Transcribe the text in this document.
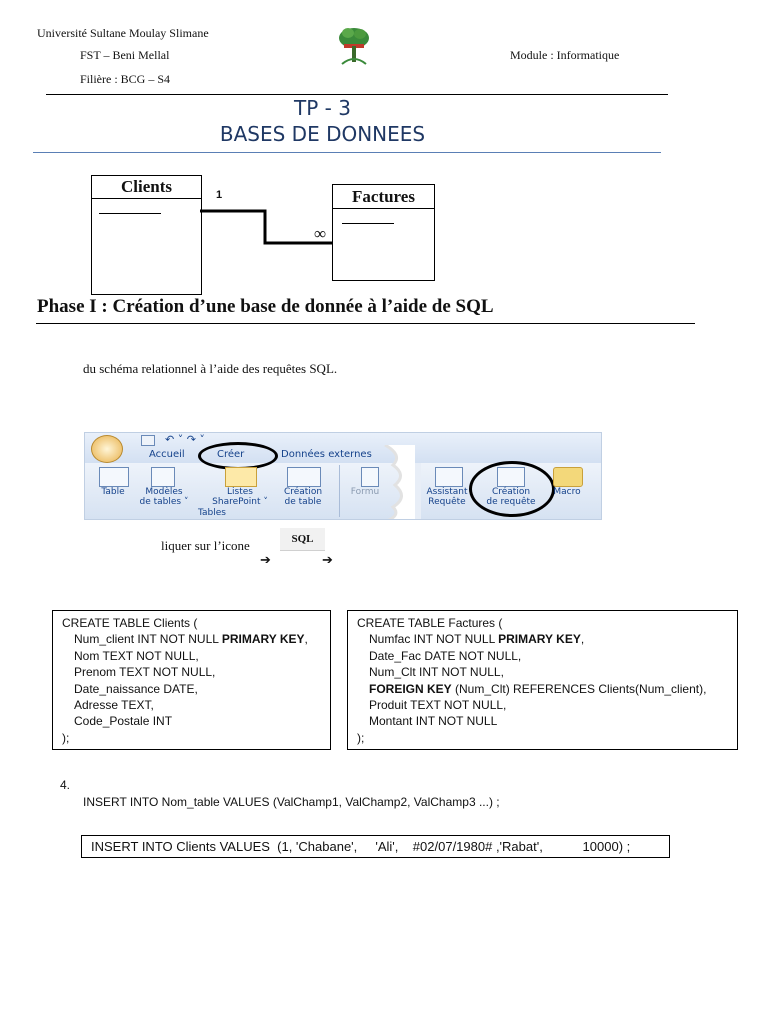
Université Sultane Moulay Slimane
FST – Beni Mellal
Filière : BCG – S4
Module : Informatique
TP - 3
BASES DE DONNEES
Clients
Factures
1
∞
Phase I : Création d’une base de donnée à l’aide de SQL
du schéma relationnel à l’aide des requêtes SQL.
↶ ˅ ↷ ˅
Accueil	Créer	Données externes
Table	Modèles
de tables ˅
Listes
SharePoint ˅
Création
de table
Tables
Formu	Assistant
Requête
Création
de requête
Macro
liquer sur l’icone	SQL
➔	➔
CREATE TABLE Clients (
Num_client INT NOT NULL PRIMARY KEY,
Nom TEXT NOT NULL,
Prenom TEXT NOT NULL,
Date_naissance DATE,
Adresse TEXT,
Code_Postale INT
);
CREATE TABLE Factures (
Numfac INT NOT NULL PRIMARY KEY,
Date_Fac DATE NOT NULL,
Num_Clt INT NOT NULL,
FOREIGN KEY (Num_Clt) REFERENCES Clients(Num_client),
Produit TEXT NOT NULL,
Montant INT NOT NULL
);
4.
INSERT INTO Nom_table VALUES (ValChamp1, ValChamp2, ValChamp3 ...) ;
INSERT INTO Clients VALUES  (1, 'Chabane',     'Ali',    #02/07/1980# ,'Rabat',           10000) ;
